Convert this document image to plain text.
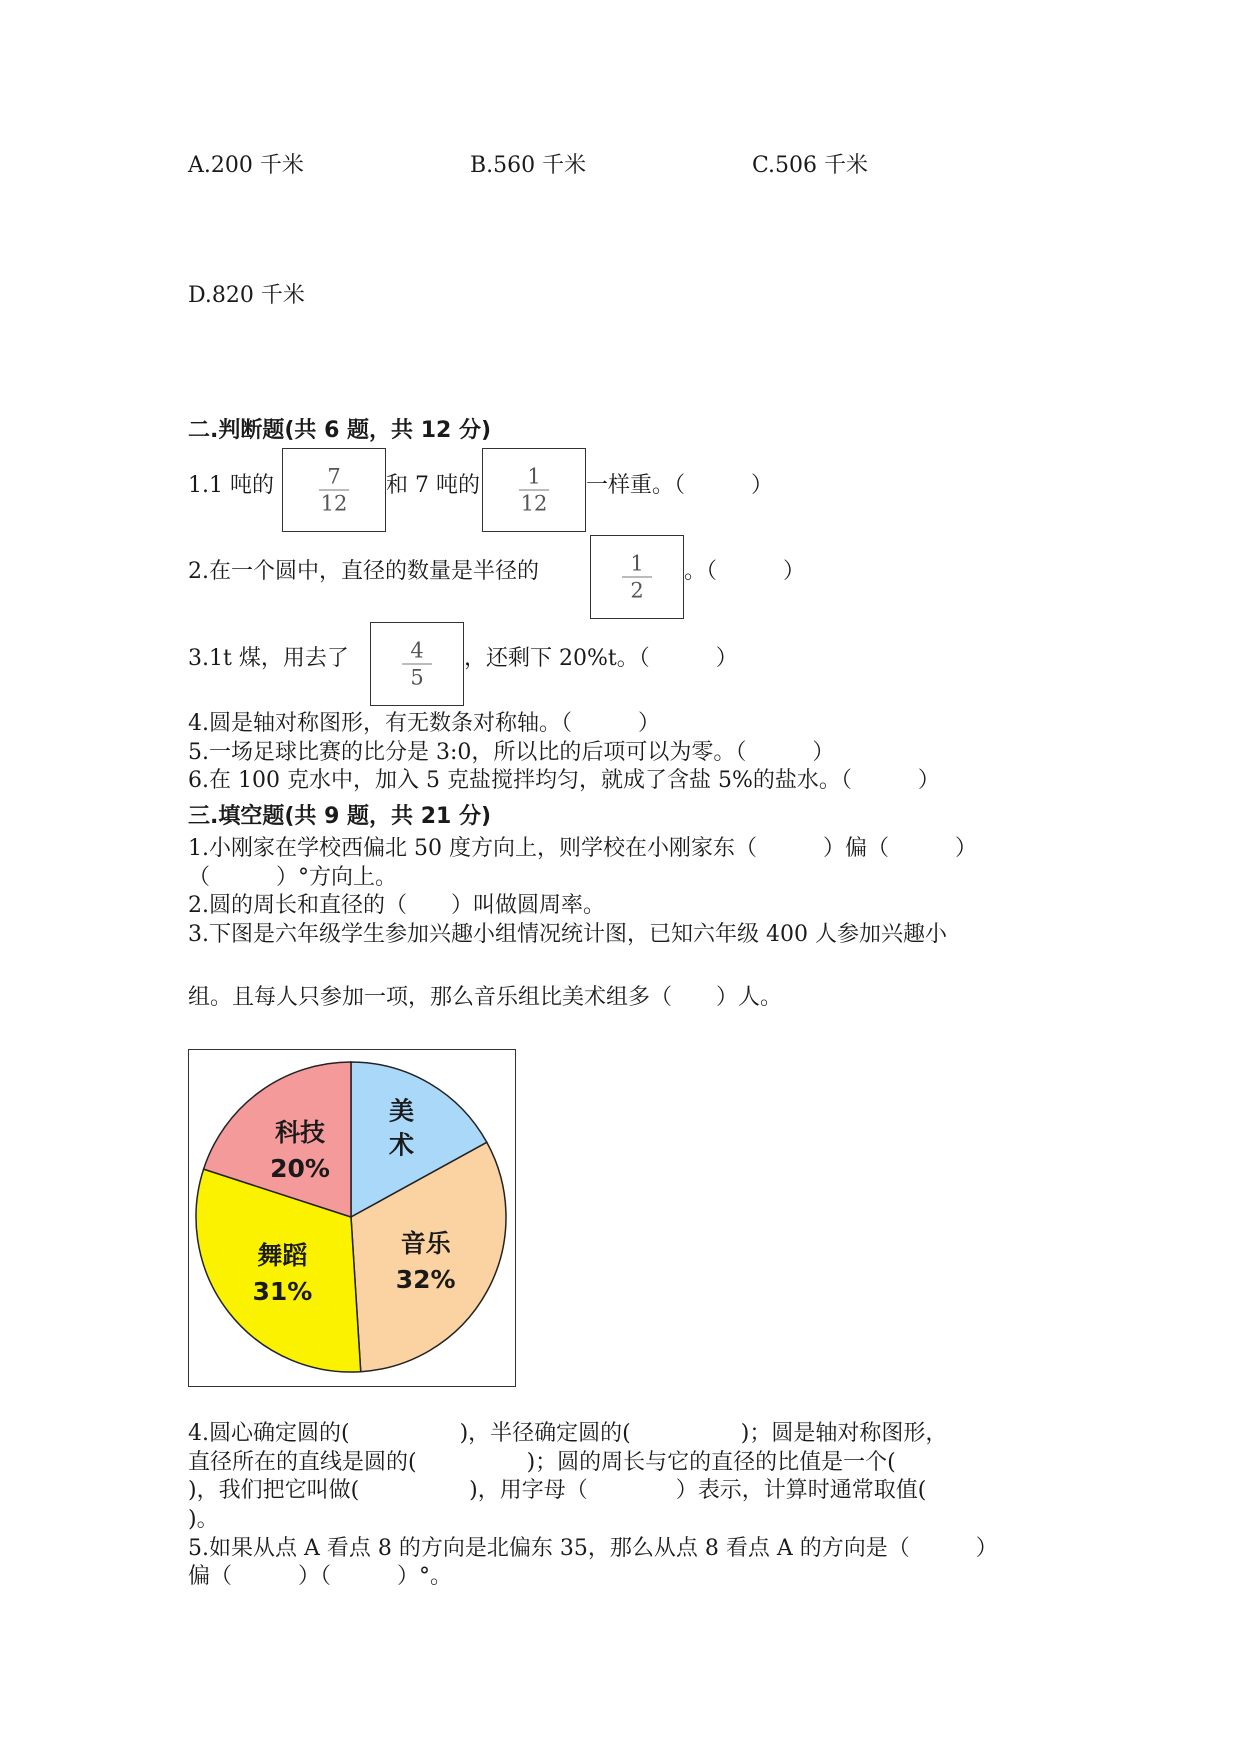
A.200 千米	B.560 千米	C.506 千米
D.820 千米
二.判断题(共 6 题，共 12 分)
1.1 吨的	7
12
和 7 吨的	1
12
一样重。（　　　）
2.在一个圆中，直径的数量是半径的	1
2
。（　　　）
3.1t 煤，用去了	4
5
，还剩下 20%t。（　　　）
4.圆是轴对称图形，有无数条对称轴。（　　　）
5.一场足球比赛的比分是 3:0，所以比的后项可以为零。（　　　）
6.在 100 克水中，加入 5 克盐搅拌均匀，就成了含盐 5%的盐水。（　　　）
三.填空题(共 9 题，共 21 分)
1.小刚家在学校西偏北 50 度方向上，则学校在小刚家东（　　　）偏（　　　）
（　　　）°方向上。
2.圆的周长和直径的（　　）叫做圆周率。
3.下图是六年级学生参加兴趣小组情况统计图，已知六年级 400 人参加兴趣小
组。且每人只参加一项，那么音乐组比美术组多（　　）人。
美
术
音乐
32%
舞蹈
31%
科技
20%
4.圆心确定圆的(　　　　　)，半径确定圆的(　　　　　)；圆是轴对称图形，
直径所在的直线是圆的(　　　　　)；圆的周长与它的直径的比值是一个(
)，我们把它叫做(　　　　　)，用字母（　　　　）表示，计算时通常取值(
)。
5.如果从点 A 看点 8 的方向是北偏东 35，那么从点 8 看点 A 的方向是（　　　）
偏（　　　）（　　　）°。
